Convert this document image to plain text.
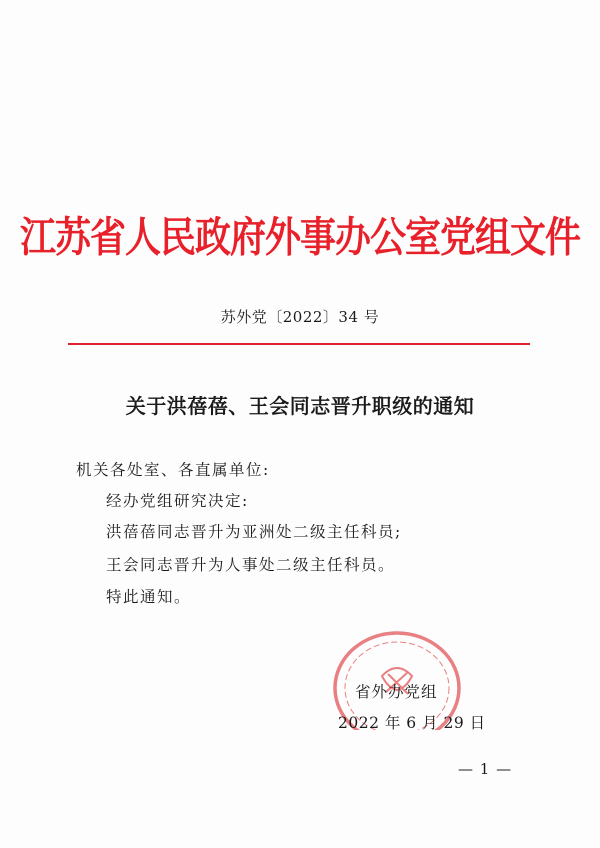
江苏省人民政府外事办公室党组文件
苏外党〔2022〕34 号
关于洪蓓蓓、王会同志晋升职级的通知
机关各处室、各直属单位:
经办党组研究决定:
洪蓓蓓同志晋升为亚洲处二级主任科员;
王会同志晋升为人事处二级主任科员。
特此通知。
省外办党组
2022 年 6 月 29 日
— 1 —
